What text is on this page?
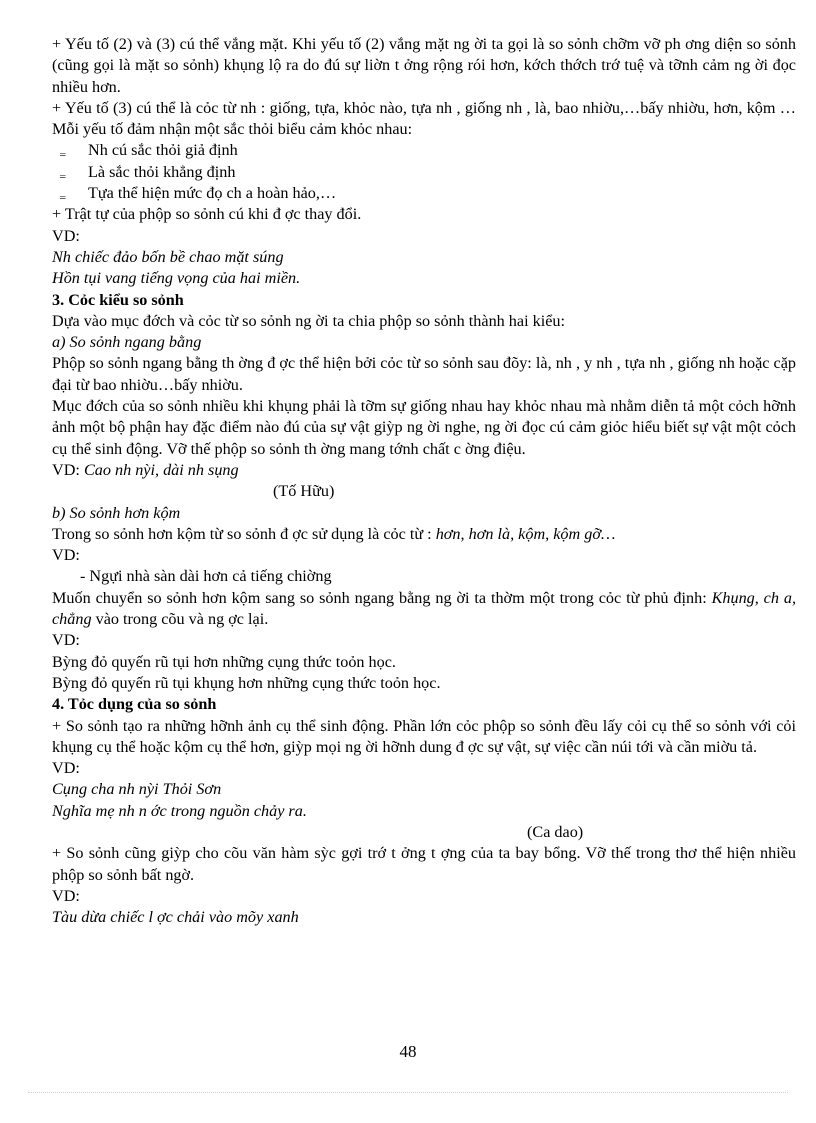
+ Yếu tố (2) và (3) cú thể vắng mặt. Khi yếu tố (2) vắng mặt ng ời ta gọi là so sỏnh chỡm vỡ ph ơng diện so sỏnh (cũng gọi là mặt so sỏnh) khụng lộ ra do đú sự liờn t ởng rộng rói hơn, kớch thớch trớ tuệ và tỡnh cảm ng ời đọc nhiều hơn.

+ Yếu tố (3) cú thể là cỏc từ nh : giống, tựa, khỏc nào, tựa nh , giống nh , là, bao nhiờu,…bấy nhiờu, hơn, kộm … Mỗi yếu tố đảm nhận một sắc thỏi biểu cảm khỏc nhau:

‗	Nh cú sắc thỏi giả định
‗	Là sắc thỏi khẳng định
‗	Tựa thể hiện mức đọ ch a hoàn hảo,…

+ Trật tự của phộp so sỏnh cú khi đ ợc thay đổi.

VD:

Nh chiếc đảo bốn bề chao mặt súng

Hồn tụi vang tiếng vọng của hai miền.

3. Cỏc kiểu so sỏnh

Dựa vào mục đớch và cỏc từ so sỏnh ng ời ta chia phộp so sỏnh thành hai kiểu:

a) So sỏnh ngang bằng

Phộp so sỏnh ngang bằng th ờng đ ợc thể hiện bởi cỏc từ so sỏnh sau đõy: là, nh , y nh , tựa nh , giống nh hoặc cặp đại từ bao nhiờu…bấy nhiờu.

Mục đớch của so sỏnh nhiều khi khụng phải là tỡm sự giống nhau hay khỏc nhau mà nhằm diễn tả một cỏch hỡnh ảnh một bộ phận hay đặc điểm nào đú của sự vật giỳp ng ời nghe, ng ời đọc cú cảm giỏc hiểu biết sự vật một cỏch cụ thể sinh động. Vỡ thế phộp so sỏnh th ờng mang tớnh chất c ờng điệu.

VD: Cao nh nỳi, dài nh sụng

(Tố Hữu)

b) So sỏnh hơn kộm

Trong so sỏnh hơn kộm từ so sỏnh đ ợc sử dụng là cỏc từ : hơn, hơn là, kộm, kộm gỡ…

VD:

- Ngựi nhà sàn dài hơn cả tiếng chiờng

Muốn chuyển so sỏnh hơn kộm sang so sỏnh ngang bằng ng ời ta thờm một trong cỏc từ phủ định: Khụng, ch a, chẳng vào trong cõu và ng ợc lại.

VD:

Bỳng đỏ quyến rũ tụi hơn những cụng thức toỏn học.

Bỳng đỏ quyến rũ tụi khụng hơn những cụng thức toỏn học.

4. Tỏc dụng của so sỏnh

+ So sỏnh tạo ra những hỡnh ảnh cụ thể sinh động. Phần lớn cỏc phộp so sỏnh đều lấy cỏi cụ thể so sỏnh với cỏi khụng cụ thể hoặc kộm cụ thể hơn, giỳp mọi ng ời hỡnh dung đ ợc sự vật, sự việc cần núi tới và cần miờu tả.

VD:

Cụng cha nh nỳi Thỏi Sơn

Nghĩa mẹ nh n ớc trong nguồn chảy ra.

(Ca dao)

+ So sỏnh cũng giỳp cho cõu văn hàm sỳc gợi trớ t ởng t ợng của ta bay bổng. Vỡ thế trong thơ thể hiện nhiều phộp so sỏnh bất ngờ.

VD:

Tàu dừa chiếc l ợc chải vào mõy xanh

48
